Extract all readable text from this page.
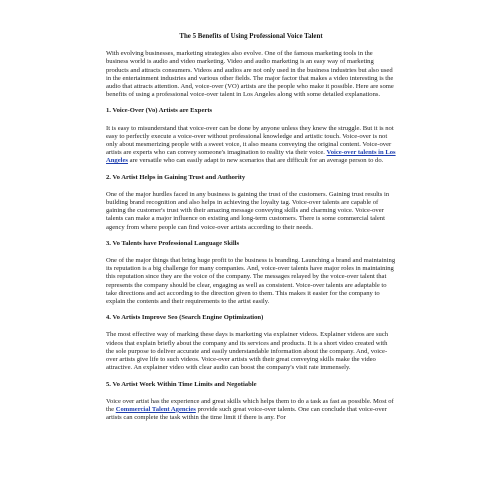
The 5 Benefits of Using Professional Voice Talent

With evolving businesses, marketing strategies also evolve. One of the famous marketing tools in the business world is audio and video marketing. Video and audio marketing is an easy way of marketing products and attracts consumers. Videos and audios are not only used in the business industries but also used in the entertainment industries and various other fields. The major factor that makes a video interesting is the audio that attracts attention. And, voice-over (VO) artists are the people who make it possible. Here are some benefits of using a professional voice-over talent in Los Angeles along with some detailed explanations.

1. Voice-Over (Vo) Artists are Experts

It is easy to misunderstand that voice-over can be done by anyone unless they knew the struggle. But it is not easy to perfectly execute a voice-over without professional knowledge and artistic touch. Voice-over is not only about mesmerizing people with a sweet voice, it also means conveying the original content. Voice-over artists are experts who can convey someone's imagination to reality via their voice. Voice-over talents in Los Angeles are versatile who can easily adapt to new scenarios that are difficult for an average person to do.

2. Vo Artist Helps in Gaining Trust and Authority

One of the major hurdles faced in any business is gaining the trust of the customers. Gaining trust results in building brand recognition and also helps in achieving the loyalty tag. Voice-over talents are capable of gaining the customer's trust with their amazing message conveying skills and charming voice. Voice-over talents can make a major influence on existing and long-term customers. There is some commercial talent agency from where people can find voice-over artists according to their needs.

3. Vo Talents have Professional Language Skills

One of the major things that bring huge profit to the business is branding. Launching a brand and maintaining its reputation is a big challenge for many companies. And, voice-over talents have major roles in maintaining this reputation since they are the voice of the company. The messages relayed by the voice-over talent that represents the company should be clear, engaging as well as consistent. Voice-over talents are adaptable to take directions and act according to the direction given to them. This makes it easier for the company to explain the contents and their requirements to the artist easily.

4. Vo Artists Improve Seo (Search Engine Optimization)

The most effective way of marking these days is marketing via explainer videos. Explainer videos are such videos that explain briefly about the company and its services and products. It is a short video created with the sole purpose to deliver accurate and easily understandable information about the company. And, voice-over artists give life to such videos. Voice-over artists with their great conveying skills make the video attractive. An explainer video with clear audio can boost the company's visit rate immensely.

5. Vo Artist Work Within Time Limits and Negotiable

Voice over artist has the experience and great skills which helps them to do a task as fast as possible. Most of the Commercial Talent Agencies provide such great voice-over talents. One can conclude that voice-over artists can complete the task within the time limit if there is any. For
